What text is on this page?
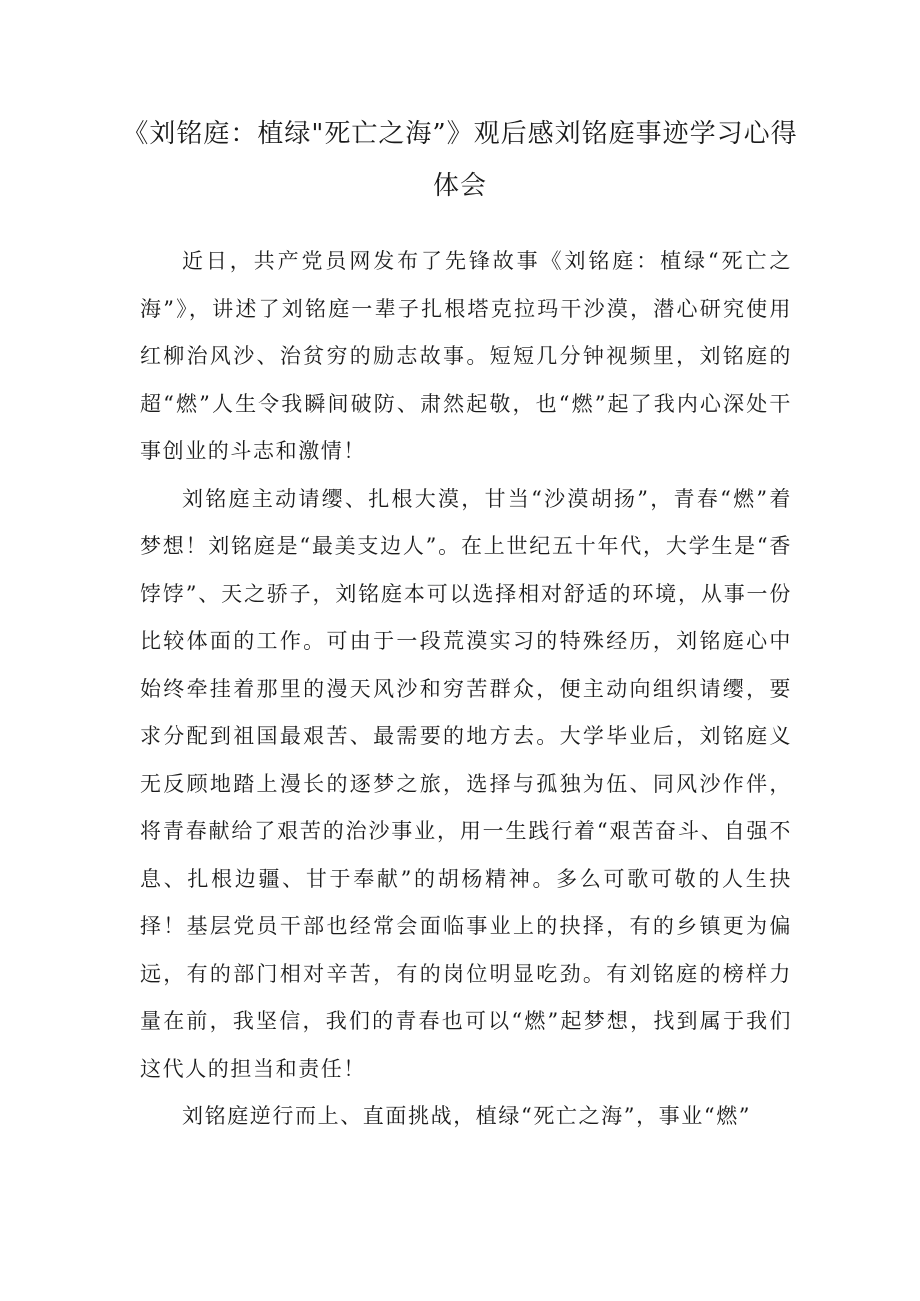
《刘铭庭：植绿"死亡之海”》观后感刘铭庭事迹学习心得体会

近日，共产党员网发布了先锋故事《刘铭庭：植绿“死亡之海”》，讲述了刘铭庭一辈子扎根塔克拉玛干沙漠，潜心研究使用红柳治风沙、治贫穷的励志故事。短短几分钟视频里，刘铭庭的超“燃”人生令我瞬间破防、肃然起敬，也“燃”起了我内心深处干事创业的斗志和激情！

刘铭庭主动请缨、扎根大漠，甘当“沙漠胡扬”，青春“燃”着梦想！刘铭庭是“最美支边人”。在上世纪五十年代，大学生是“香饽饽”、天之骄子，刘铭庭本可以选择相对舒适的环境，从事一份比较体面的工作。可由于一段荒漠实习的特殊经历，刘铭庭心中始终牵挂着那里的漫天风沙和穷苦群众，便主动向组织请缨，要求分配到祖国最艰苦、最需要的地方去。大学毕业后，刘铭庭义无反顾地踏上漫长的逐梦之旅，选择与孤独为伍、同风沙作伴，将青春献给了艰苦的治沙事业，用一生践行着“艰苦奋斗、自强不息、扎根边疆、甘于奉献”的胡杨精神。多么可歌可敬的人生抉择！基层党员干部也经常会面临事业上的抉择，有的乡镇更为偏远，有的部门相对辛苦，有的岗位明显吃劲。有刘铭庭的榜样力量在前，我坚信，我们的青春也可以“燃”起梦想，找到属于我们这代人的担当和责任！

刘铭庭逆行而上、直面挑战，植绿“死亡之海”，事业“燃”
